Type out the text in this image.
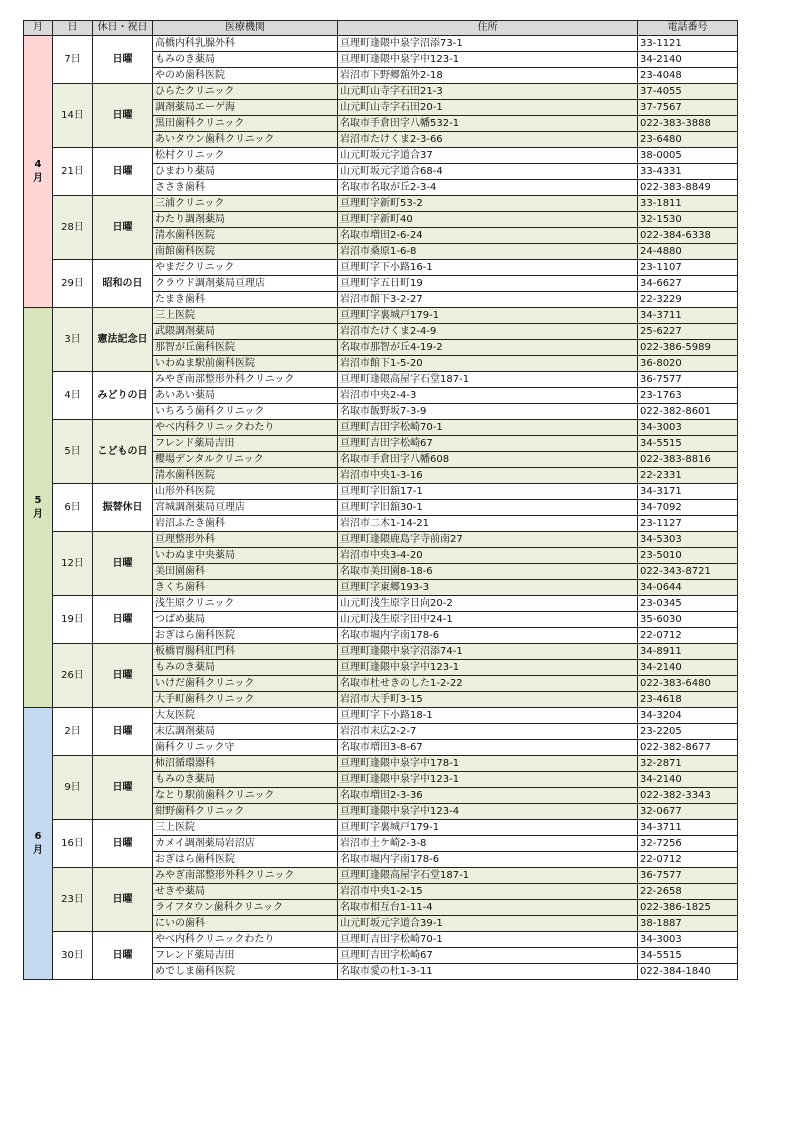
月	日	休日・祝日	医療機関	住所	電話番号

4
月	7日	日曜	高橋内科乳腺外科	亘理町逢隈中泉字沼添73-1	33-1121
			もみのき薬局	亘理町逢隈中泉字中123-1	34-2140
			やのめ歯科医院	岩沼市下野郷舘外2-18	23-4048
	14日	日曜	ひらたクリニック	山元町山寺字石田21-3	37-4055
			調剤薬局エーゲ海	山元町山寺字石田20-1	37-7567
			黒田歯科クリニック	名取市手倉田字八幡532-1	022-383-3888
			あいタウン歯科クリニック	岩沼市たけくま2-3-66	23-6480
	21日	日曜	松村クリニック	山元町坂元字道合37	38-0005
			ひまわり薬局	山元町坂元字道合68-4	33-4331
			ささき歯科	名取市名取が丘2-3-4	022-383-8849
	28日	日曜	三浦クリニック	亘理町字新町53-2	33-1811
			わたり調剤薬局	亘理町字新町40	32-1530
			清水歯科医院	名取市増田2-6-24	022-384-6338
			南館歯科医院	岩沼市桑原1-6-8	24-4880
	29日	昭和の日	やまだクリニック	亘理町字下小路16-1	23-1107
			クラウド調剤薬局亘理店	亘理町字五日町19	34-6627
			たまき歯科	岩沼市館下3-2-27	22-3229

5
月	3日	憲法記念日	三上医院	亘理町字裏城戸179-1	34-3711
			武隈調剤薬局	岩沼市たけくま2-4-9	25-6227
			那智が丘歯科医院	名取市那智が丘4-19-2	022-386-5989
			いわぬま駅前歯科医院	岩沼市館下1-5-20	36-8020
	4日	みどりの日	みやぎ南部整形外科クリニック	亘理町逢隈高屋字石堂187-1	36-7577
			あいあい薬局	岩沼市中央2-4-3	23-1763
			いちろう歯科クリニック	名取市飯野坂7-3-9	022-382-8601
	5日	こどもの日	やべ内科クリニックわたり	亘理町吉田字松崎70-1	34-3003
			フレンド薬局吉田	亘理町吉田字松崎67	34-5515
			櫻場デンタルクリニック	名取市手倉田字八幡608	022-383-8816
			清水歯科医院	岩沼市中央1-3-16	22-2331
	6日	振替休日	山形外科医院	亘理町字旧舘17-1	34-3171
			宮城調剤薬局亘理店	亘理町字旧舘30-1	34-7092
			岩沼ふたき歯科	岩沼市二木1-14-21	23-1127
	12日	日曜	亘理整形外科	亘理町逢隈鹿島字寺前南27	34-5303
			いわぬま中央薬局	岩沼市中央3-4-20	23-5010
			美田園歯科	名取市美田園8-18-6	022-343-8721
			きくち歯科	亘理町字東郷193-3	34-0644
	19日	日曜	浅生原クリニック	山元町浅生原字日向20-2	23-0345
			つばめ薬局	山元町浅生原字田中24-1	35-6030
			おぎはら歯科医院	名取市堀内字南178-6	22-0712
	26日	日曜	板橋胃腸科肛門科	亘理町逢隈中泉字沼添74-1	34-8911
			もみのき薬局	亘理町逢隈中泉字中123-1	34-2140
			いけだ歯科クリニック	名取市杜せきのした1-2-22	022-383-6480
			大手町歯科クリニック	岩沼市大手町3-15	23-4618

6
月	2日	日曜	大友医院	亘理町字下小路18-1	34-3204
			末広調剤薬局	岩沼市末広2-2-7	23-2205
			歯科クリニック守	名取市増田3-8-67	022-382-8677
	9日	日曜	柿沼循環器科	亘理町逢隈中泉字中178-1	32-2871
			もみのき薬局	亘理町逢隈中泉字中123-1	34-2140
			なとり駅前歯科クリニック	名取市増田2-3-36	022-382-3343
			紺野歯科クリニック	亘理町逢隈中泉字中123-4	32-0677
	16日	日曜	三上医院	亘理町字裏城戸179-1	34-3711
			カメイ調剤薬局岩沼店	岩沼市土ケ崎2-3-8	32-7256
			おぎはら歯科医院	名取市堀内字南178-6	22-0712
	23日	日曜	みやぎ南部整形外科クリニック	亘理町逢隈高屋字石堂187-1	36-7577
			せきや薬局	岩沼市中央1-2-15	22-2658
			ライフタウン歯科クリニック	名取市相互台1-11-4	022-386-1825
			にいの歯科	山元町坂元字道合39-1	38-1887
	30日	日曜	やべ内科クリニックわたり	亘理町吉田字松崎70-1	34-3003
			フレンド薬局吉田	亘理町吉田字松崎67	34-5515
			めでしま歯科医院	名取市愛の杜1-3-11	022-384-1840
